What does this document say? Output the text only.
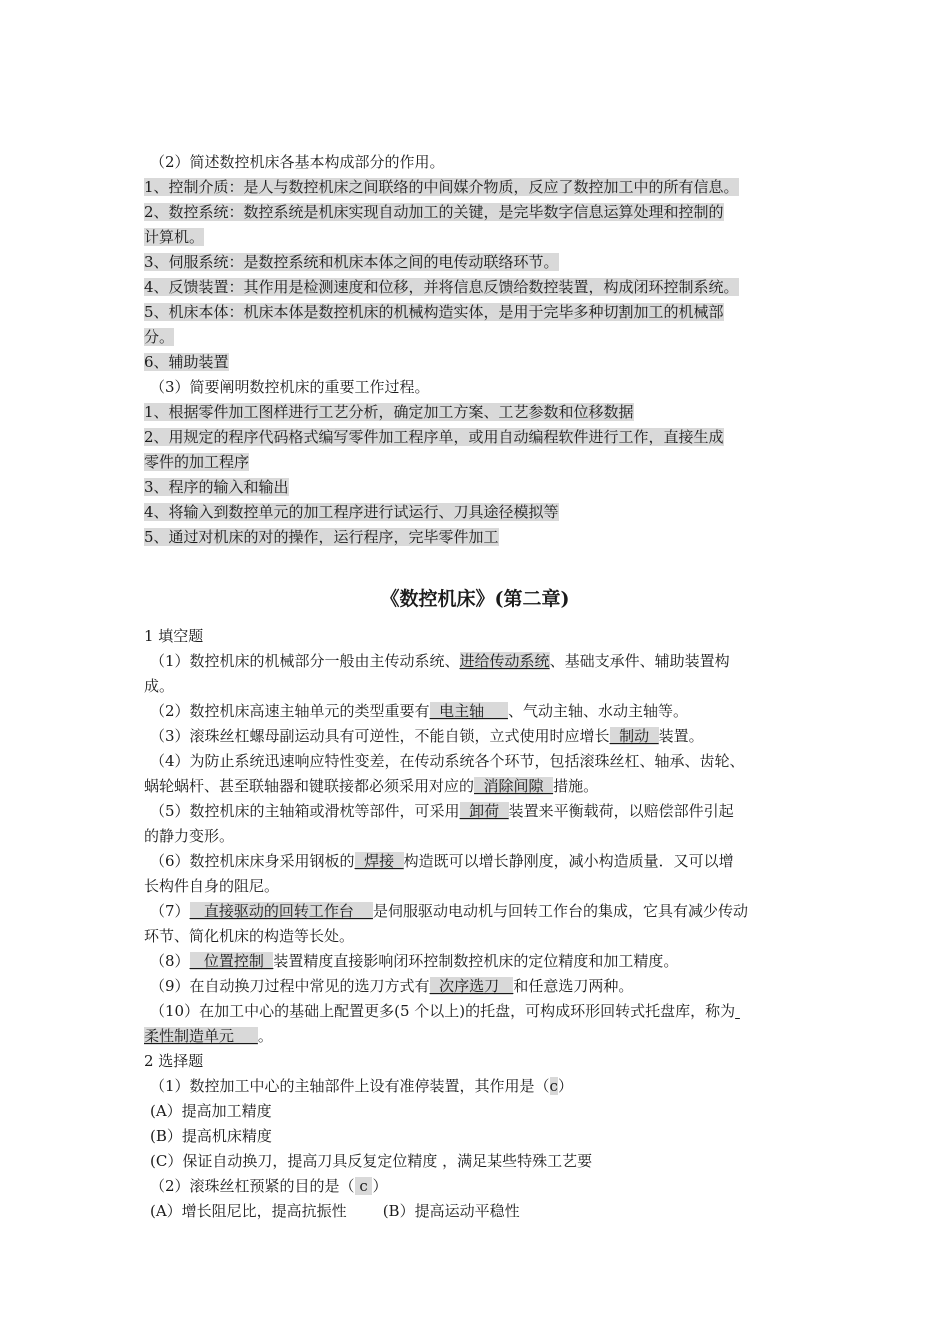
（2）简述数控机床各基本构成部分的作用。

1、控制介质：是人与数控机床之间联络的中间媒介物质，反应了数控加工中的所有信息。

2、数控系统：数控系统是机床实现自动加工的关键，是完毕数字信息运算处理和控制的

计算机。

3、伺服系统：是数控系统和机床本体之间的电传动联络环节。

4、反馈装置：其作用是检测速度和位移，并将信息反馈给数控装置，构成闭环控制系统。

5、机床本体：机床本体是数控机床的机械构造实体，是用于完毕多种切割加工的机械部

分。

6、辅助装置

（3）简要阐明数控机床的重要工作过程。

1、根据零件加工图样进行工艺分析，确定加工方案、工艺参数和位移数据

2、用规定的程序代码格式编写零件加工程序单，或用自动编程软件进行工作，直接生成

零件的加工程序

3、程序的输入和输出

4、将输入到数控单元的加工程序进行试运行、刀具途径模拟等

5、通过对机床的对的操作，运行程序，完毕零件加工

《数控机床》(第二章)

1 填空题

（1）数控机床的机械部分一般由主传动系统、进给传动系统、基础支承件、辅助装置构

成。

（2）数控机床高速主轴单元的类型重要有  电主轴     、气动主轴、水动主轴等。

（3）滚珠丝杠螺母副运动具有可逆性，不能自锁，立式使用时应增长  制动  装置。

（4）为防止系统迅速响应特性变差，在传动系统各个环节，包括滚珠丝杠、轴承、齿轮、

蜗轮蜗杆、甚至联轴器和键联接都必须采用对应的  消除间隙  措施。

（5）数控机床的主轴箱或滑枕等部件，可采用  卸荷  装置来平衡载荷，以赔偿部件引起

的静力变形。

（6）数控机床床身采用钢板的  焊接  构造既可以增长静刚度，减小构造质量．又可以增

长构件自身的阻尼。

（7）   直接驱动的回转工作台    是伺服驱动电动机与回转工作台的集成，它具有减少传动

环节、简化机床的构造等长处。

（8）   位置控制  装置精度直接影响闭环控制数控机床的定位精度和加工精度。

（9）在自动换刀过程中常见的选刀方式有  次序选刀   和任意选刀两种。

（10）在加工中心的基础上配置更多(5 个以上)的托盘，可构成环形回转式托盘库，称为

柔性制造单元     。

2 选择题

（1）数控加工中心的主轴部件上设有准停装置，其作用是（c）

(A）提高加工精度

(B）提高机床精度

(C）保证自动换刀，提高刀具反复定位精度 ，满足某些特殊工艺要

（2）滚珠丝杠预紧的目的是（ c ）

(A）增长阻尼比，提高抗振性 (B）提高运动平稳性
